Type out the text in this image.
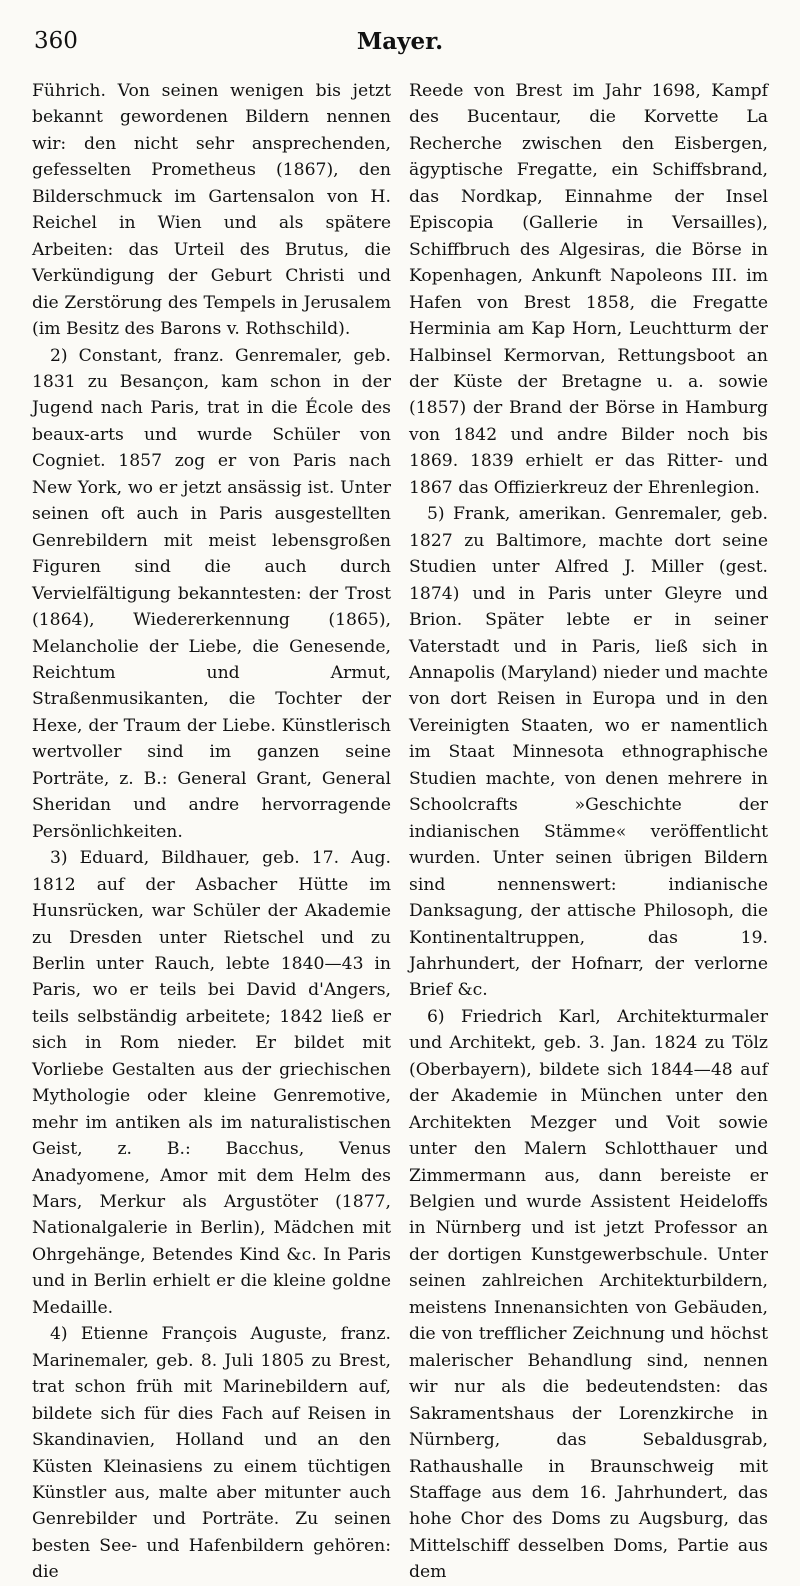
360	Mayer.

Führich. Von seinen wenigen bis jetzt bekannt gewordenen Bildern nennen wir: den nicht sehr ansprechenden, gefesselten Prometheus (1867), den Bilderschmuck im Gartensalon von H. Reichel in Wien und als spätere Arbeiten: das Urteil des Brutus, die Verkündigung der Geburt Christi und die Zerstörung des Tempels in Jerusalem (im Besitz des Barons v. Rothschild).

2) Constant, franz. Genremaler, geb. 1831 zu Besançon, kam schon in der Jugend nach Paris, trat in die École des beaux-arts und wurde Schüler von Cogniet. 1857 zog er von Paris nach New York, wo er jetzt ansässig ist. Unter seinen oft auch in Paris ausgestellten Genrebildern mit meist lebensgroßen Figuren sind die auch durch Vervielfältigung bekanntesten: der Trost (1864), Wiedererkennung (1865), Melancholie der Liebe, die Genesende, Reichtum und Armut, Straßenmusikanten, die Tochter der Hexe, der Traum der Liebe. Künstlerisch wertvoller sind im ganzen seine Porträte, z. B.: General Grant, General Sheridan und andre hervorragende Persönlichkeiten.

3) Eduard, Bildhauer, geb. 17. Aug. 1812 auf der Asbacher Hütte im Hunsrücken, war Schüler der Akademie zu Dresden unter Rietschel und zu Berlin unter Rauch, lebte 1840—43 in Paris, wo er teils bei David d'Angers, teils selbständig arbeitete; 1842 ließ er sich in Rom nieder. Er bildet mit Vorliebe Gestalten aus der griechischen Mythologie oder kleine Genremotive, mehr im antiken als im naturalistischen Geist, z. B.: Bacchus, Venus Anadyomene, Amor mit dem Helm des Mars, Merkur als Argustöter (1877, Nationalgalerie in Berlin), Mädchen mit Ohrgehänge, Betendes Kind &c. In Paris und in Berlin erhielt er die kleine goldne Medaille.

4) Etienne François Auguste, franz. Marinemaler, geb. 8. Juli 1805 zu Brest, trat schon früh mit Marinebildern auf, bildete sich für dies Fach auf Reisen in Skandinavien, Holland und an den Küsten Kleinasiens zu einem tüchtigen Künstler aus, malte aber mitunter auch Genrebilder und Porträte. Zu seinen besten See- und Hafenbildern gehören: die

Reede von Brest im Jahr 1698, Kampf des Bucentaur, die Korvette La Recherche zwischen den Eisbergen, ägyptische Fregatte, ein Schiffsbrand, das Nordkap, Einnahme der Insel Episcopia (Gallerie in Versailles), Schiffbruch des Algesiras, die Börse in Kopenhagen, Ankunft Napoleons III. im Hafen von Brest 1858, die Fregatte Herminia am Kap Horn, Leuchtturm der Halbinsel Kermorvan, Rettungsboot an der Küste der Bretagne u. a. sowie (1857) der Brand der Börse in Hamburg von 1842 und andre Bilder noch bis 1869. 1839 erhielt er das Ritter- und 1867 das Offizierkreuz der Ehrenlegion.

5) Frank, amerikan. Genremaler, geb. 1827 zu Baltimore, machte dort seine Studien unter Alfred J. Miller (gest. 1874) und in Paris unter Gleyre und Brion. Später lebte er in seiner Vaterstadt und in Paris, ließ sich in Annapolis (Maryland) nieder und machte von dort Reisen in Europa und in den Vereinigten Staaten, wo er namentlich im Staat Minnesota ethnographische Studien machte, von denen mehrere in Schoolcrafts »Geschichte der indianischen Stämme« veröffentlicht wurden. Unter seinen übrigen Bildern sind nennenswert: indianische Danksagung, der attische Philosoph, die Kontinentaltruppen, das 19. Jahrhundert, der Hofnarr, der verlorne Brief &c.

6) Friedrich Karl, Architekturmaler und Architekt, geb. 3. Jan. 1824 zu Tölz (Oberbayern), bildete sich 1844—48 auf der Akademie in München unter den Architekten Mezger und Voit sowie unter den Malern Schlotthauer und Zimmermann aus, dann bereiste er Belgien und wurde Assistent Heideloffs in Nürnberg und ist jetzt Professor an der dortigen Kunstgewerbschule. Unter seinen zahlreichen Architekturbildern, meistens Innenansichten von Gebäuden, die von trefflicher Zeichnung und höchst malerischer Behandlung sind, nennen wir nur als die bedeutendsten: das Sakramentshaus der Lorenzkirche in Nürnberg, das Sebaldusgrab, Rathaushalle in Braunschweig mit Staffage aus dem 16. Jahrhundert, das hohe Chor des Doms zu Augsburg, das Mittelschiff desselben Doms, Partie aus dem
